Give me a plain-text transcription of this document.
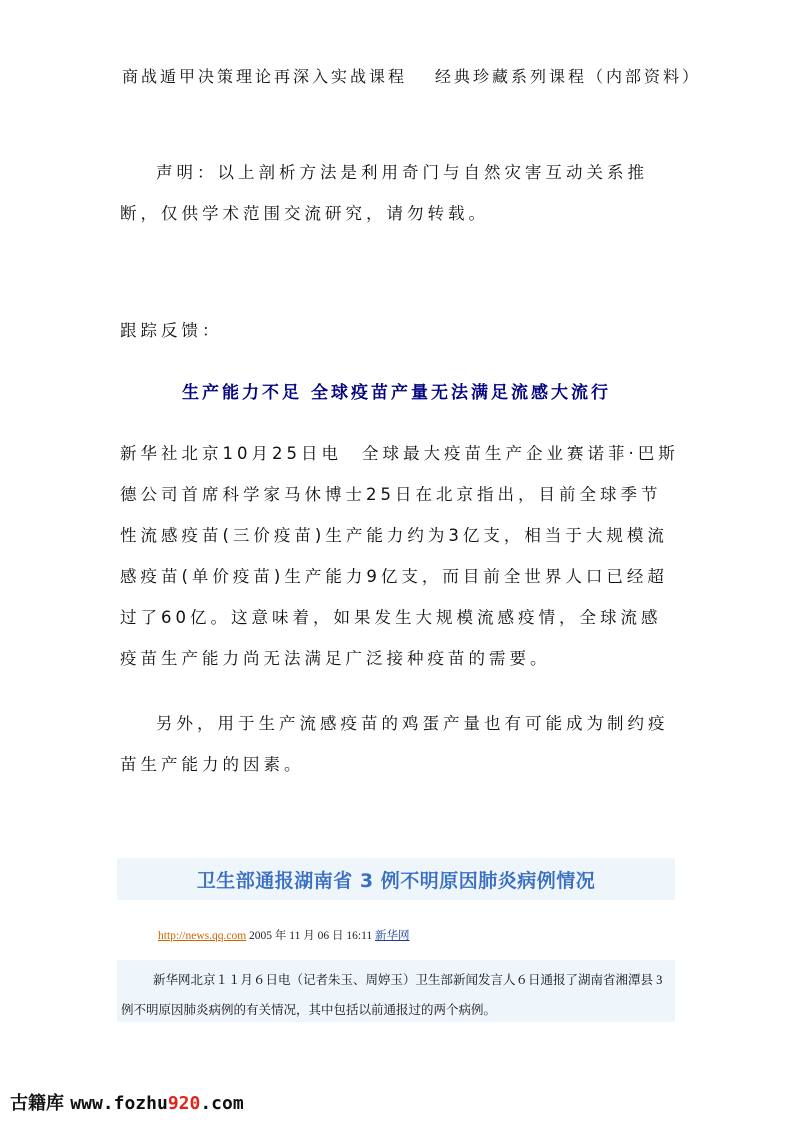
商战遁甲决策理论再深入实战课程 经典珍藏系列课程（内部资料）
声明：以上剖析方法是利用奇门与自然灾害互动关系推断，仅供学术范围交流研究，请勿转载。
跟踪反馈：
生产能力不足 全球疫苗产量无法满足流感大流行
新华社北京10月25日电 全球最大疫苗生产企业赛诺菲·巴斯德公司首席科学家马休博士25日在北京指出，目前全球季节性流感疫苗(三价疫苗)生产能力约为3亿支，相当于大规模流感疫苗(单价疫苗)生产能力9亿支，而目前全世界人口已经超过了60亿。这意味着，如果发生大规模流感疫情，全球流感疫苗生产能力尚无法满足广泛接种疫苗的需要。
另外，用于生产流感疫苗的鸡蛋产量也有可能成为制约疫苗生产能力的因素。
卫生部通报湖南省 3 例不明原因肺炎病例情况
http://news.qq.com 2005 年 11 月 06 日 16:11 新华网

新华网北京１１月６日电（记者朱玉、周婷玉）卫生部新闻发言人６日通报了湖南省湘潭县 3 例不明原因肺炎病例的有关情况，其中包括以前通报过的两个病例。

古籍库 www.fozhu920.com
